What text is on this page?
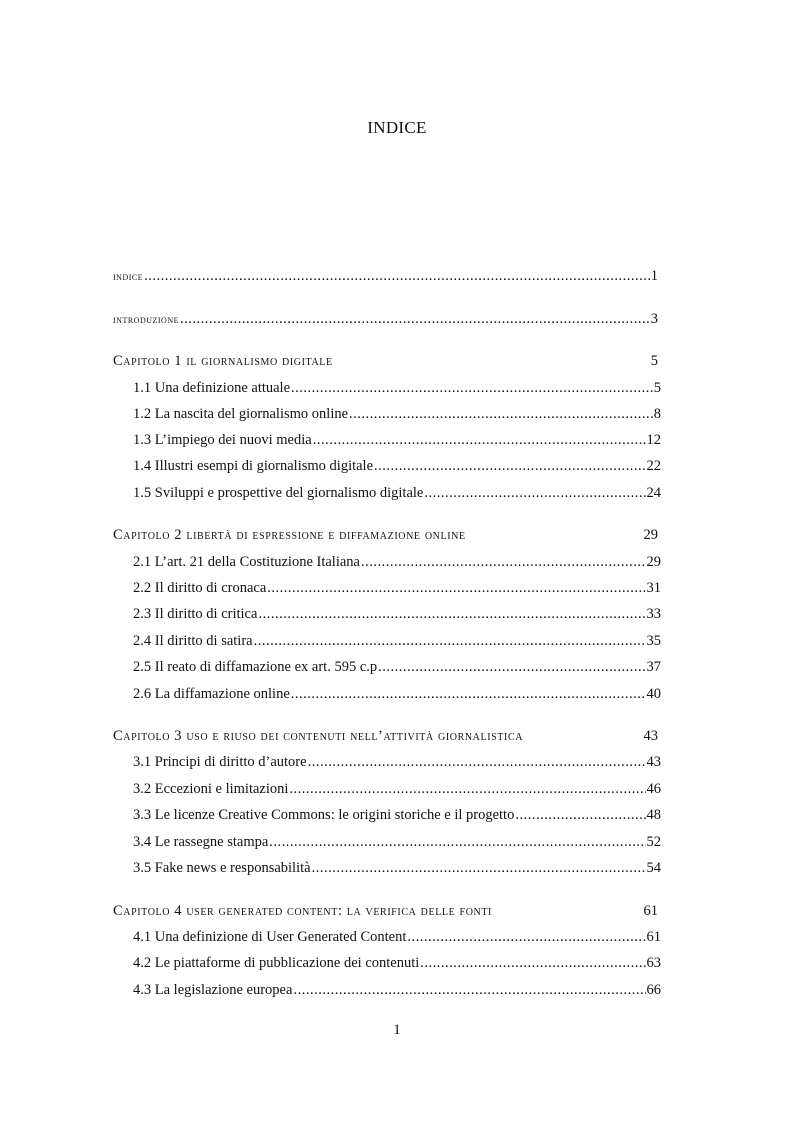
INDICE
indice .....	1
introduzione .....	3
Capitolo 1 il giornalismo digitale	5
1.1 Una definizione attuale .....	5
1.2 La nascita del giornalismo online .....	8
1.3 L’impiego dei nuovi media .....	12
1.4 Illustri esempi di giornalismo digitale .....	22
1.5 Sviluppi e prospettive del giornalismo digitale .....	24
Capitolo 2 libertà di espressione e diffamazione online	29
2.1 L’art. 21 della Costituzione Italiana .....	29
2.2 Il diritto di cronaca .....	31
2.3 Il diritto di critica .....	33
2.4 Il diritto di satira .....	35
2.5 Il reato di diffamazione ex art. 595 c.p .....	37
2.6 La diffamazione online .....	40
Capitolo 3 uso e riuso dei contenuti nell’attività giornalistica	43
3.1 Principi di diritto d’autore .....	43
3.2 Eccezioni e limitazioni .....	46
3.3 Le licenze Creative Commons: le origini storiche e il progetto .....	48
3.4 Le rassegne stampa .....	52
3.5 Fake news e responsabilità .....	54
Capitolo 4 user generated content: la verifica delle fonti	61
4.1 Una definizione di User Generated Content .....	61
4.2 Le piattaforme di pubblicazione dei contenuti .....	63
4.3 La legislazione europea .....	66
1
